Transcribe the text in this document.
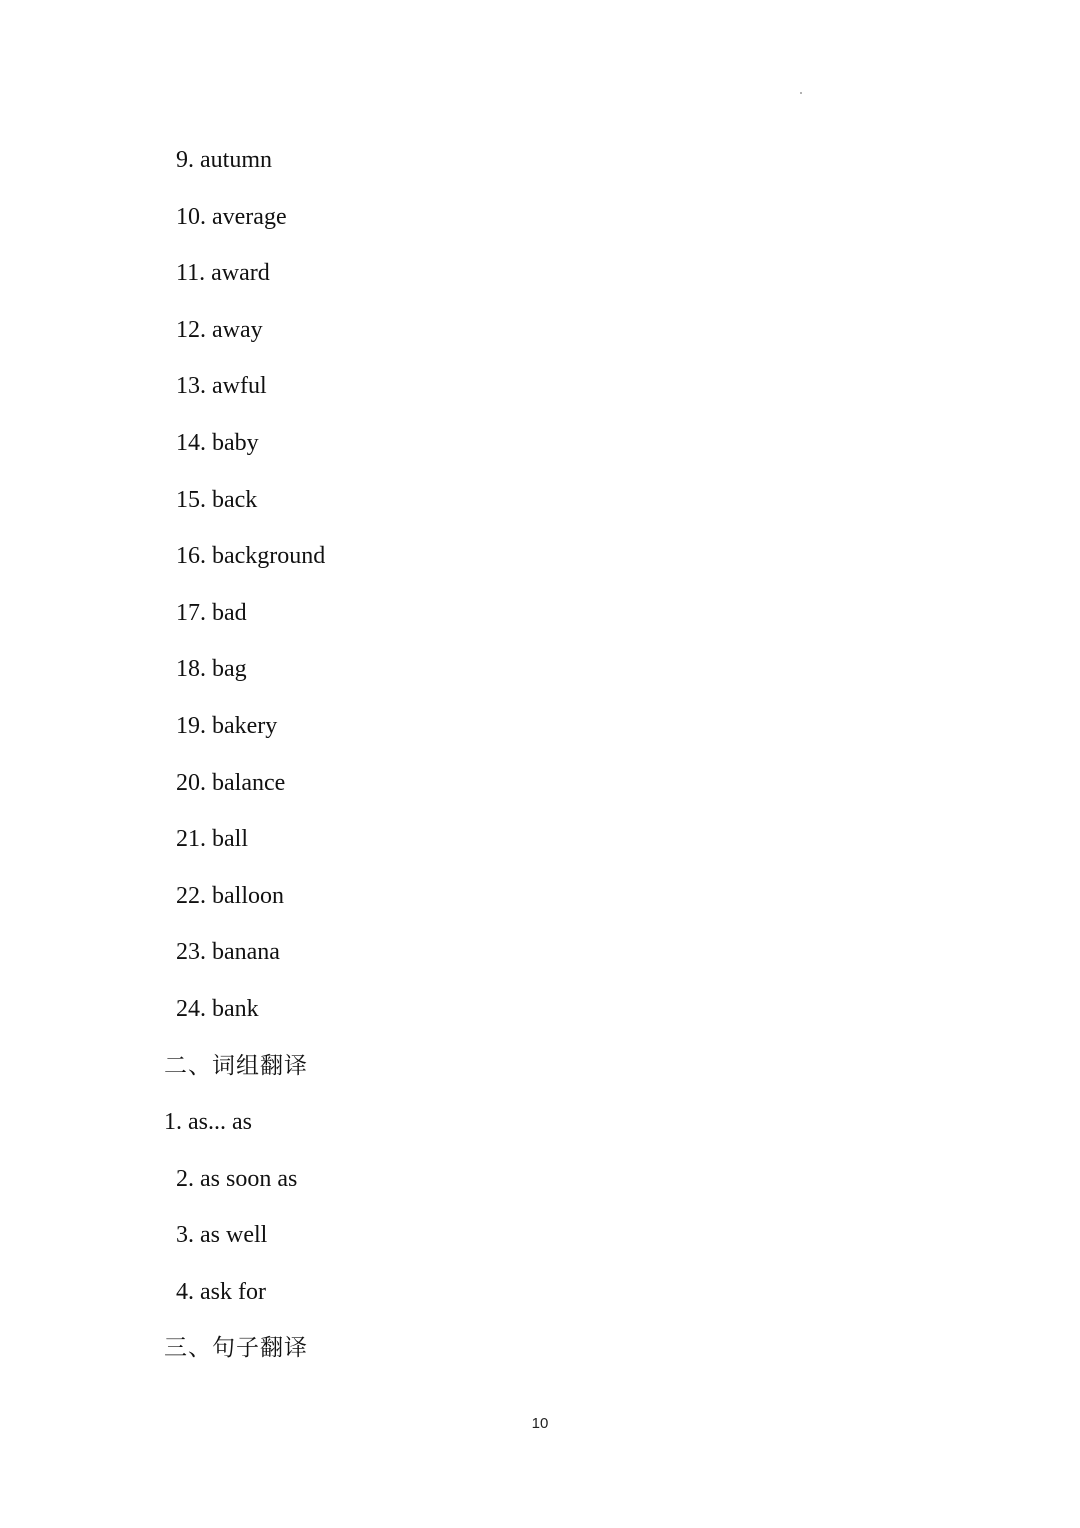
9. autumn
10. average
11. award
12. away
13. awful
14. baby
15. back
16. background
17. bad
18. bag
19. bakery
20. balance
21. ball
22. balloon
23. banana
24. bank
二、词组翻译
1. as... as
2. as soon as
3. as well
4. ask for
三、句子翻译
10
